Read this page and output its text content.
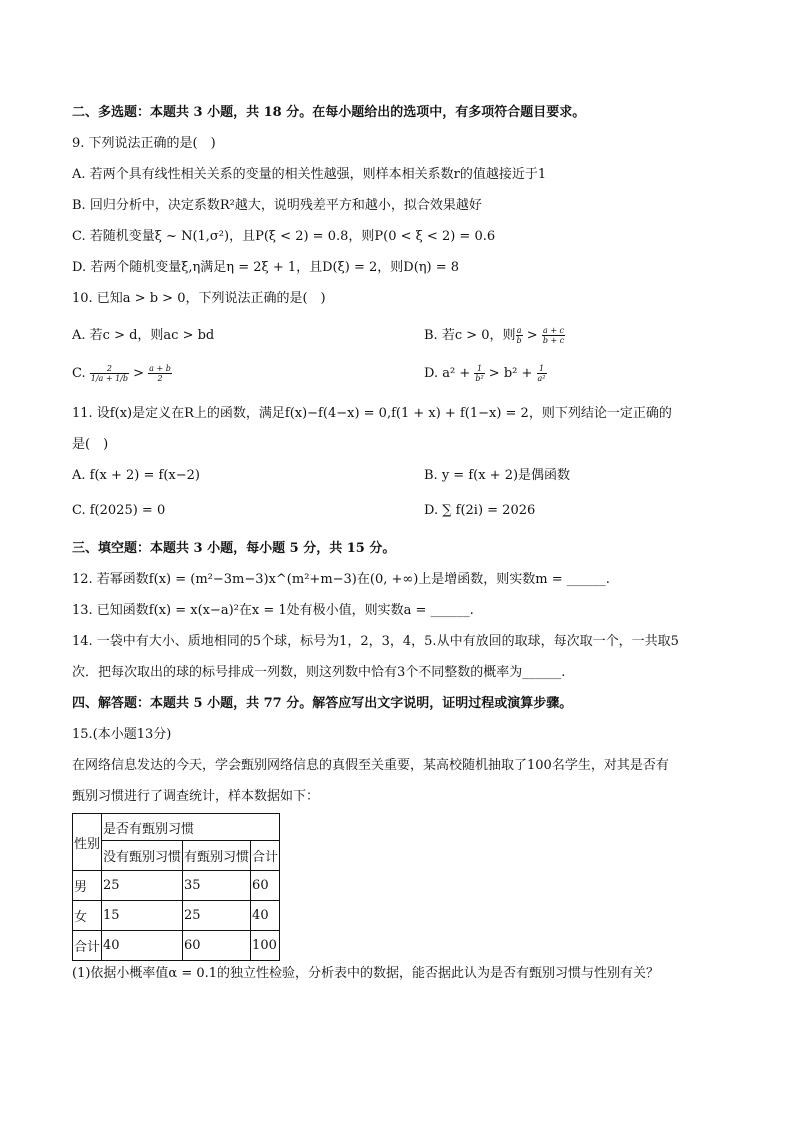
二、多选题：本题共 3 小题，共 18 分。在每小题给出的选项中，有多项符合题目要求。
9. 下列说法正确的是(　)
A. 若两个具有线性相关关系的变量的相关性越强，则样本相关系数r的值越接近于1
B. 回归分析中，决定系数R²越大，说明残差平方和越小，拟合效果越好
C. 若随机变量ξ ~ N(1,σ²)，且P(ξ < 2) = 0.8，则P(0 < ξ < 2) = 0.6
D. 若两个随机变量ξ,η满足η = 2ξ + 1，且D(ξ) = 2，则D(η) = 8
10. 已知a > b > 0，下列说法正确的是(　)
A. 若c > d，则ac > bd	B. 若c > 0，则 $\frac{a}{b} > \frac{a + c}{b + c}$
C. $\frac{2}{1/a + 1/b} > \frac{a + b}{2}$	D. $a^2 + \frac{1}{\text{b²}} > b^2 + \frac{1}{\text{a²}}$
11. 设f(x)是定义在R上的函数，满足f(x)−f(4−x) = 0,f(1 + x) + f(1−x) = 2，则下列结论一定正确的
是(　)
A. f(x + 2) = f(x−2)	B. y = f(x + 2)是偶函数
C. f(2025) = 0	D. ∑ f(2i) = 2026
三、填空题：本题共 3 小题，每小题 5 分，共 15 分。
12. 若幂函数f(x) = (m²−3m−3)x^(m²+m−3)在(0, +∞)上是增函数，则实数m = ______.
13. 已知函数f(x) = x(x−a)²在x = 1处有极小值，则实数a = ______.
14. 一袋中有大小、质地相同的5个球，标号为1，2，3，4，5.从中有放回的取球，每次取一个，一共取5
次．把每次取出的球的标号排成一列数，则这列数中恰有3个不同整数的概率为______.
四、解答题：本题共 5 小题，共 77 分。解答应写出文字说明，证明过程或演算步骤。
15.(本小题13分)
在网络信息发达的今天，学会甄别网络信息的真假至关重要，某高校随机抽取了100名学生，对其是否有
甄别习惯进行了调查统计，样本数据如下：
性别	是否有甄别习惯		
	没有甄别习惯	有甄别习惯	合计
男	25	35	60
女	15	25	40
合计	40	60	100
(1)依据小概率值α = 0.1的独立性检验，分析表中的数据，能否据此认为是否有甄别习惯与性别有关？
